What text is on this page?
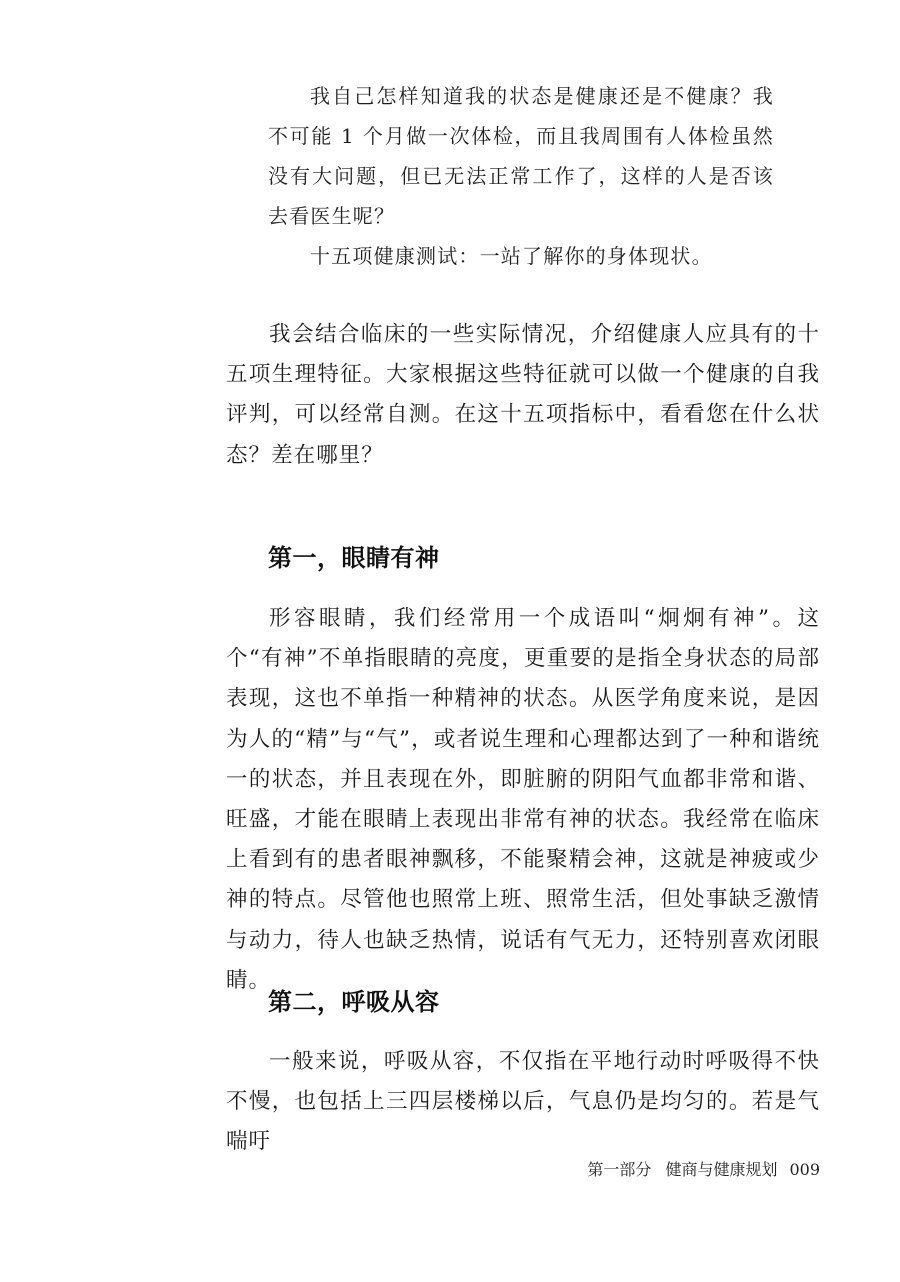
我自己怎样知道我的状态是健康还是不健康？我不可能 1 个月做一次体检，而且我周围有人体检虽然没有大问题，但已无法正常工作了，这样的人是否该去看医生呢？

十五项健康测试：一站了解你的身体现状。

我会结合临床的一些实际情况，介绍健康人应具有的十五项生理特征。大家根据这些特征就可以做一个健康的自我评判，可以经常自测。在这十五项指标中，看看您在什么状态？差在哪里？

第一，眼睛有神

形容眼睛，我们经常用一个成语叫“炯炯有神”。这个“有神”不单指眼睛的亮度，更重要的是指全身状态的局部表现，这也不单指一种精神的状态。从医学角度来说，是因为人的“精”与“气”，或者说生理和心理都达到了一种和谐统一的状态，并且表现在外，即脏腑的阴阳气血都非常和谐、旺盛，才能在眼睛上表现出非常有神的状态。我经常在临床上看到有的患者眼神飘移，不能聚精会神，这就是神疲或少神的特点。尽管他也照常上班、照常生活，但处事缺乏激情与动力，待人也缺乏热情，说话有气无力，还特别喜欢闭眼睛。

第二，呼吸从容

一般来说，呼吸从容，不仅指在平地行动时呼吸得不快不慢，也包括上三四层楼梯以后，气息仍是均匀的。若是气喘吁

第一部分 健商与健康规划 009
